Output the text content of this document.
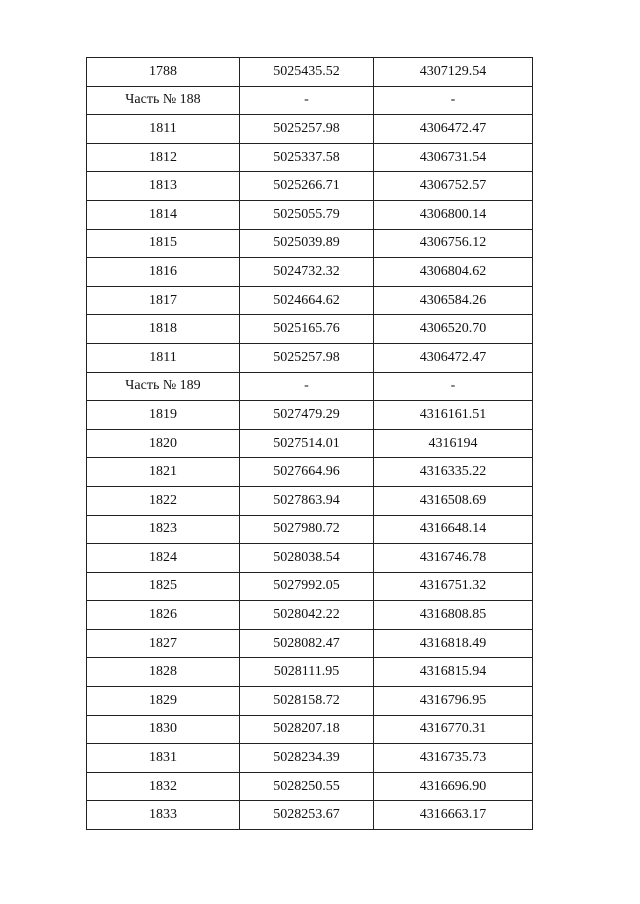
1788	5025435.52	4307129.54
Часть № 188	-	-
1811	5025257.98	4306472.47
1812	5025337.58	4306731.54
1813	5025266.71	4306752.57
1814	5025055.79	4306800.14
1815	5025039.89	4306756.12
1816	5024732.32	4306804.62
1817	5024664.62	4306584.26
1818	5025165.76	4306520.70
1811	5025257.98	4306472.47
Часть № 189	-	-
1819	5027479.29	4316161.51
1820	5027514.01	4316194
1821	5027664.96	4316335.22
1822	5027863.94	4316508.69
1823	5027980.72	4316648.14
1824	5028038.54	4316746.78
1825	5027992.05	4316751.32
1826	5028042.22	4316808.85
1827	5028082.47	4316818.49
1828	5028111.95	4316815.94
1829	5028158.72	4316796.95
1830	5028207.18	4316770.31
1831	5028234.39	4316735.73
1832	5028250.55	4316696.90
1833	5028253.67	4316663.17
